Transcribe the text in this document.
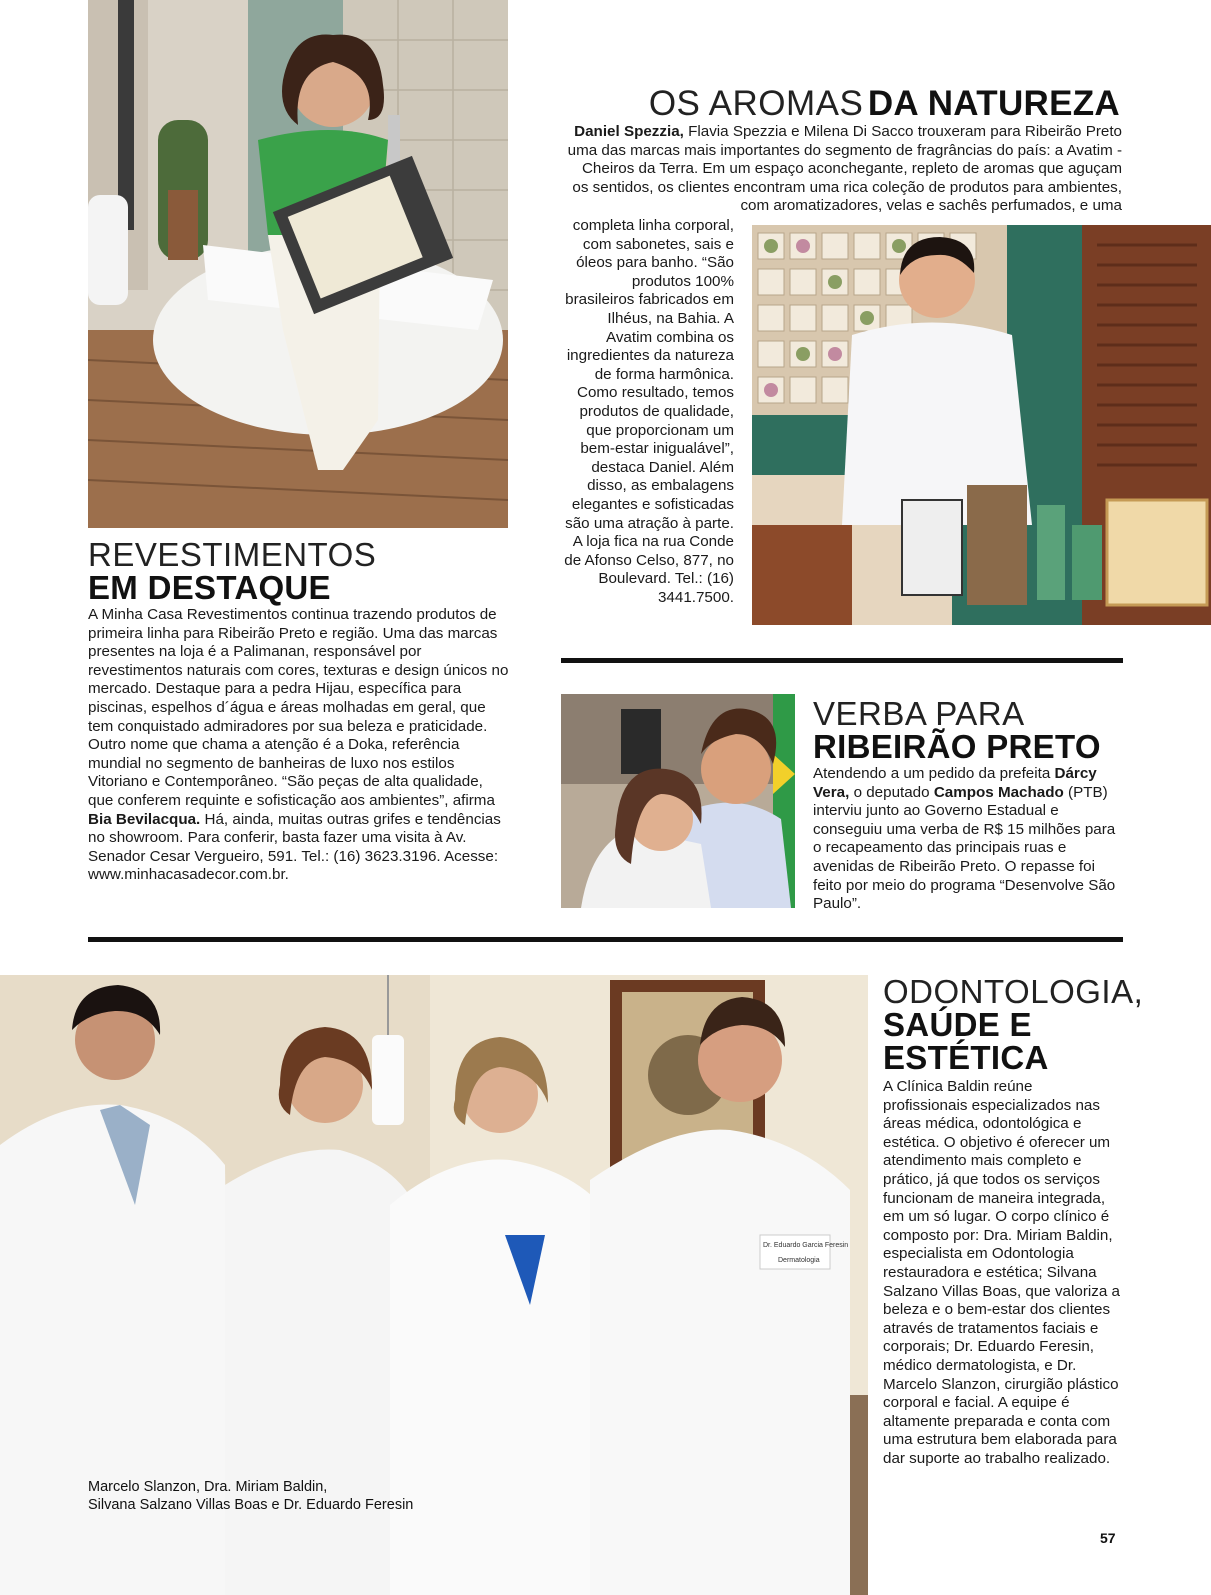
REVESTIMENTOS
EM DESTAQUE
A Minha Casa Revestimentos continua trazendo produtos de primeira linha para Ribeirão Preto e região. Uma das marcas presentes na loja é a Palimanan, responsável por revestimentos naturais com cores, texturas e design únicos no mercado. Destaque para a pedra Hijau, específica para piscinas, espelhos d´água e áreas molhadas em geral, que tem conquistado admiradores por sua beleza e praticidade. Outro nome que chama a atenção é a Doka, referência mundial no segmento de banheiras de luxo nos estilos Vitoriano e Contemporâneo. “São peças de alta qualidade, que conferem requinte e sofisticação aos ambientes”, afirma Bia Bevilacqua. Há, ainda, muitas outras grifes e tendências no showroom. Para conferir, basta fazer uma visita à Av. Senador Cesar Vergueiro, 591. Tel.: (16) 3623.3196. Acesse: www.minhacasadecor.com.br.
OS AROMAS DA NATUREZA
Daniel Spezzia, Flavia Spezzia e Milena Di Sacco trouxeram para Ribeirão Preto uma das marcas mais importantes do segmento de fragrâncias do país: a Avatim - Cheiros da Terra. Em um espaço aconchegante, repleto de aromas que aguçam os sentidos, os clientes encontram uma rica coleção de produtos para ambientes, com aromatizadores, velas e sachês perfumados, e uma
completa linha corporal, com sabonetes, sais e óleos para banho. “São produtos 100% brasileiros fabricados em Ilhéus, na Bahia. A Avatim combina os ingredientes da natureza de forma harmônica. Como resultado, temos produtos de qualidade, que proporcionam um bem-estar inigualável”, destaca Daniel. Além disso, as embalagens elegantes e sofisticadas são uma atração à parte. A loja fica na rua Conde de Afonso Celso, 877, no Boulevard. Tel.: (16) 3441.7500.
VERBA PARA
RIBEIRÃO PRETO
Atendendo a um pedido da prefeita Dárcy Vera, o deputado Campos Machado (PTB) interviu junto ao Governo Estadual e conseguiu uma verba de R$ 15 milhões para o recapeamento das principais ruas e avenidas de Ribeirão Preto. O repasse foi feito por meio do programa “Desenvolve São Paulo”.
Dr. Eduardo Garcia Feresin
Dermatologia
Marcelo Slanzon, Dra. Miriam Baldin,
Silvana Salzano Villas Boas e Dr. Eduardo Feresin
ODONTOLOGIA,
SAÚDE E
ESTÉTICA
A Clínica Baldin reúne profissionais especializados nas áreas médica, odontológica e estética. O objetivo é oferecer um atendimento mais completo e prático, já que todos os serviços funcionam de maneira integrada, em um só lugar. O corpo clínico é composto por: Dra. Miriam Baldin, especialista em Odontologia restauradora e estética; Silvana Salzano Villas Boas, que valoriza a beleza e o bem-estar dos clientes através de tratamentos faciais e corporais; Dr. Eduardo Feresin, médico dermatologista, e Dr. Marcelo Slanzon, cirurgião plástico corporal e facial. A equipe é altamente preparada e conta com uma estrutura bem elaborada para dar suporte ao trabalho realizado.
57
